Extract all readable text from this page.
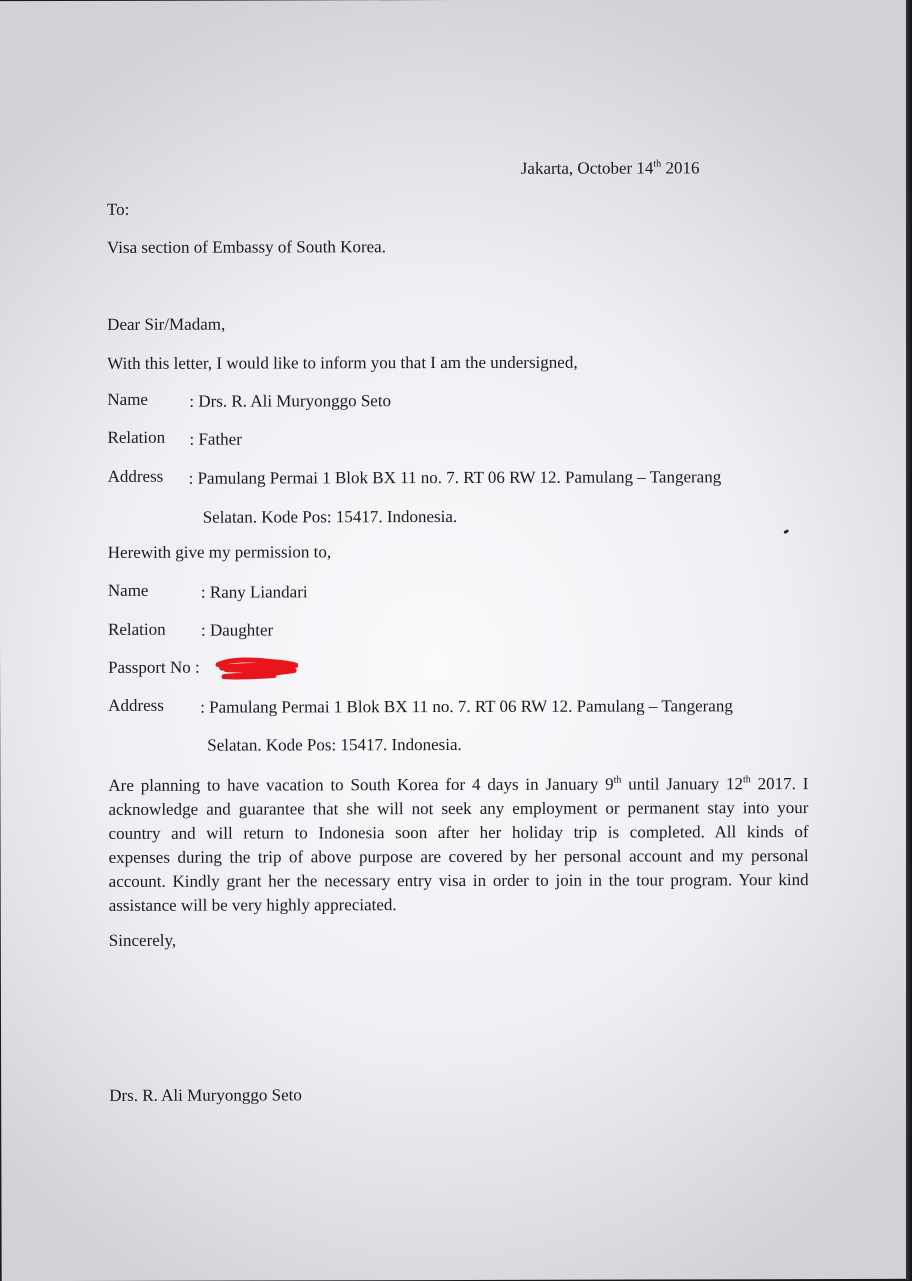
Jakarta, October 14th 2016
To:
Visa section of Embassy of South Korea.
Dear Sir/Madam,
With this letter, I would like to inform you that I am the undersigned,
Name : Drs. R. Ali Muryonggo Seto
Relation : Father
Address : Pamulang Permai 1 Blok BX 11 no. 7. RT 06 RW 12. Pamulang – Tangerang
Selatan. Kode Pos: 15417. Indonesia.
Herewith give my permission to,
Name	: Rany Liandari
Relation : Daughter
Passport No :
Address : Pamulang Permai 1 Blok BX 11 no. 7. RT 06 RW 12. Pamulang – Tangerang
Selatan. Kode Pos: 15417. Indonesia.
Are planning to have vacation to South Korea for 4 days in January 9th until January 12th 2017. I
acknowledge and guarantee that she will not seek any employment or permanent stay into your
country and will return to Indonesia soon after her holiday trip is completed. All kinds of
expenses during the trip of above purpose are covered by her personal account and my personal
account. Kindly grant her the necessary entry visa in order to join in the tour program. Your kind
assistance will be very highly appreciated.
Sincerely,
Drs. R. Ali Muryonggo Seto
